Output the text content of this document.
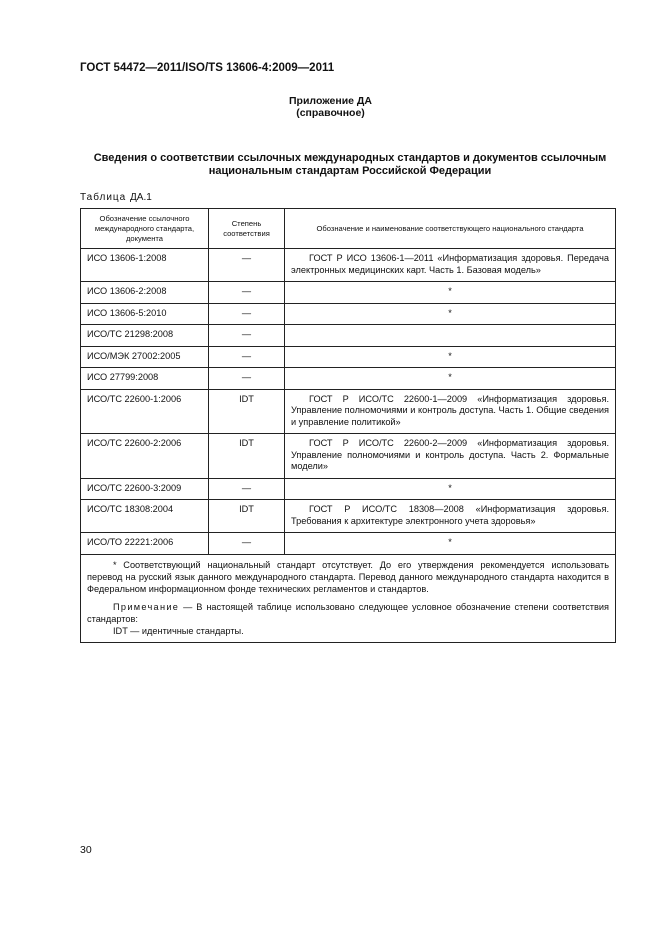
ГОСТ 54472—2011/ISO/TS 13606-4:2009—2011
Приложение ДА
(справочное)
Сведения о соответствии ссылочных международных стандартов и документов ссылочным
национальным стандартам Российской Федерации
Таблица ДА.1
Обозначение ссылочного международного стандарта, документа	Степень соответствия	Обозначение и наименование соответствующего национального стандарта
ИСО 13606-1:2008	—	ГОСТ Р ИСО 13606-1—2011 «Информатизация здоровья. Передача электронных медицинских карт. Часть 1. Базовая модель»
ИСО 13606-2:2008	—	*
ИСО 13606-5:2010	—	*
ИСО/ТС 21298:2008	—	
ИСО/МЭК 27002:2005	—	*
ИСО 27799:2008	—	*
ИСО/ТС 22600-1:2006	IDT	ГОСТ Р ИСО/ТС 22600-1—2009 «Информатизация здоровья. Управление полномочиями и контроль доступа. Часть 1. Общие сведения и управление политикой»
ИСО/ТС 22600-2:2006	IDT	ГОСТ Р ИСО/ТС 22600-2—2009 «Информатизация здоровья. Управление полномочиями и контроль доступа. Часть 2. Формальные модели»
ИСО/ТС 22600-3:2009	—	*
ИСО/ТС 18308:2004	IDT	ГОСТ Р ИСО/ТС 18308—2008 «Информатизация здоровья. Требования к архитектуре электронного учета здоровья»
ИСО/ТО 22221:2006	—	*

* Соответствующий национальный стандарт отсутствует. До его утверждения рекомендуется использовать перевод на русский язык данного международного стандарта. Перевод данного международного стандарта находится в Федеральном информационном фонде технических регламентов и стандартов.
Примечание — В настоящей таблице использовано следующее условное обозначение степени соответствия стандартов:
IDT — идентичные стандарты.		
30
